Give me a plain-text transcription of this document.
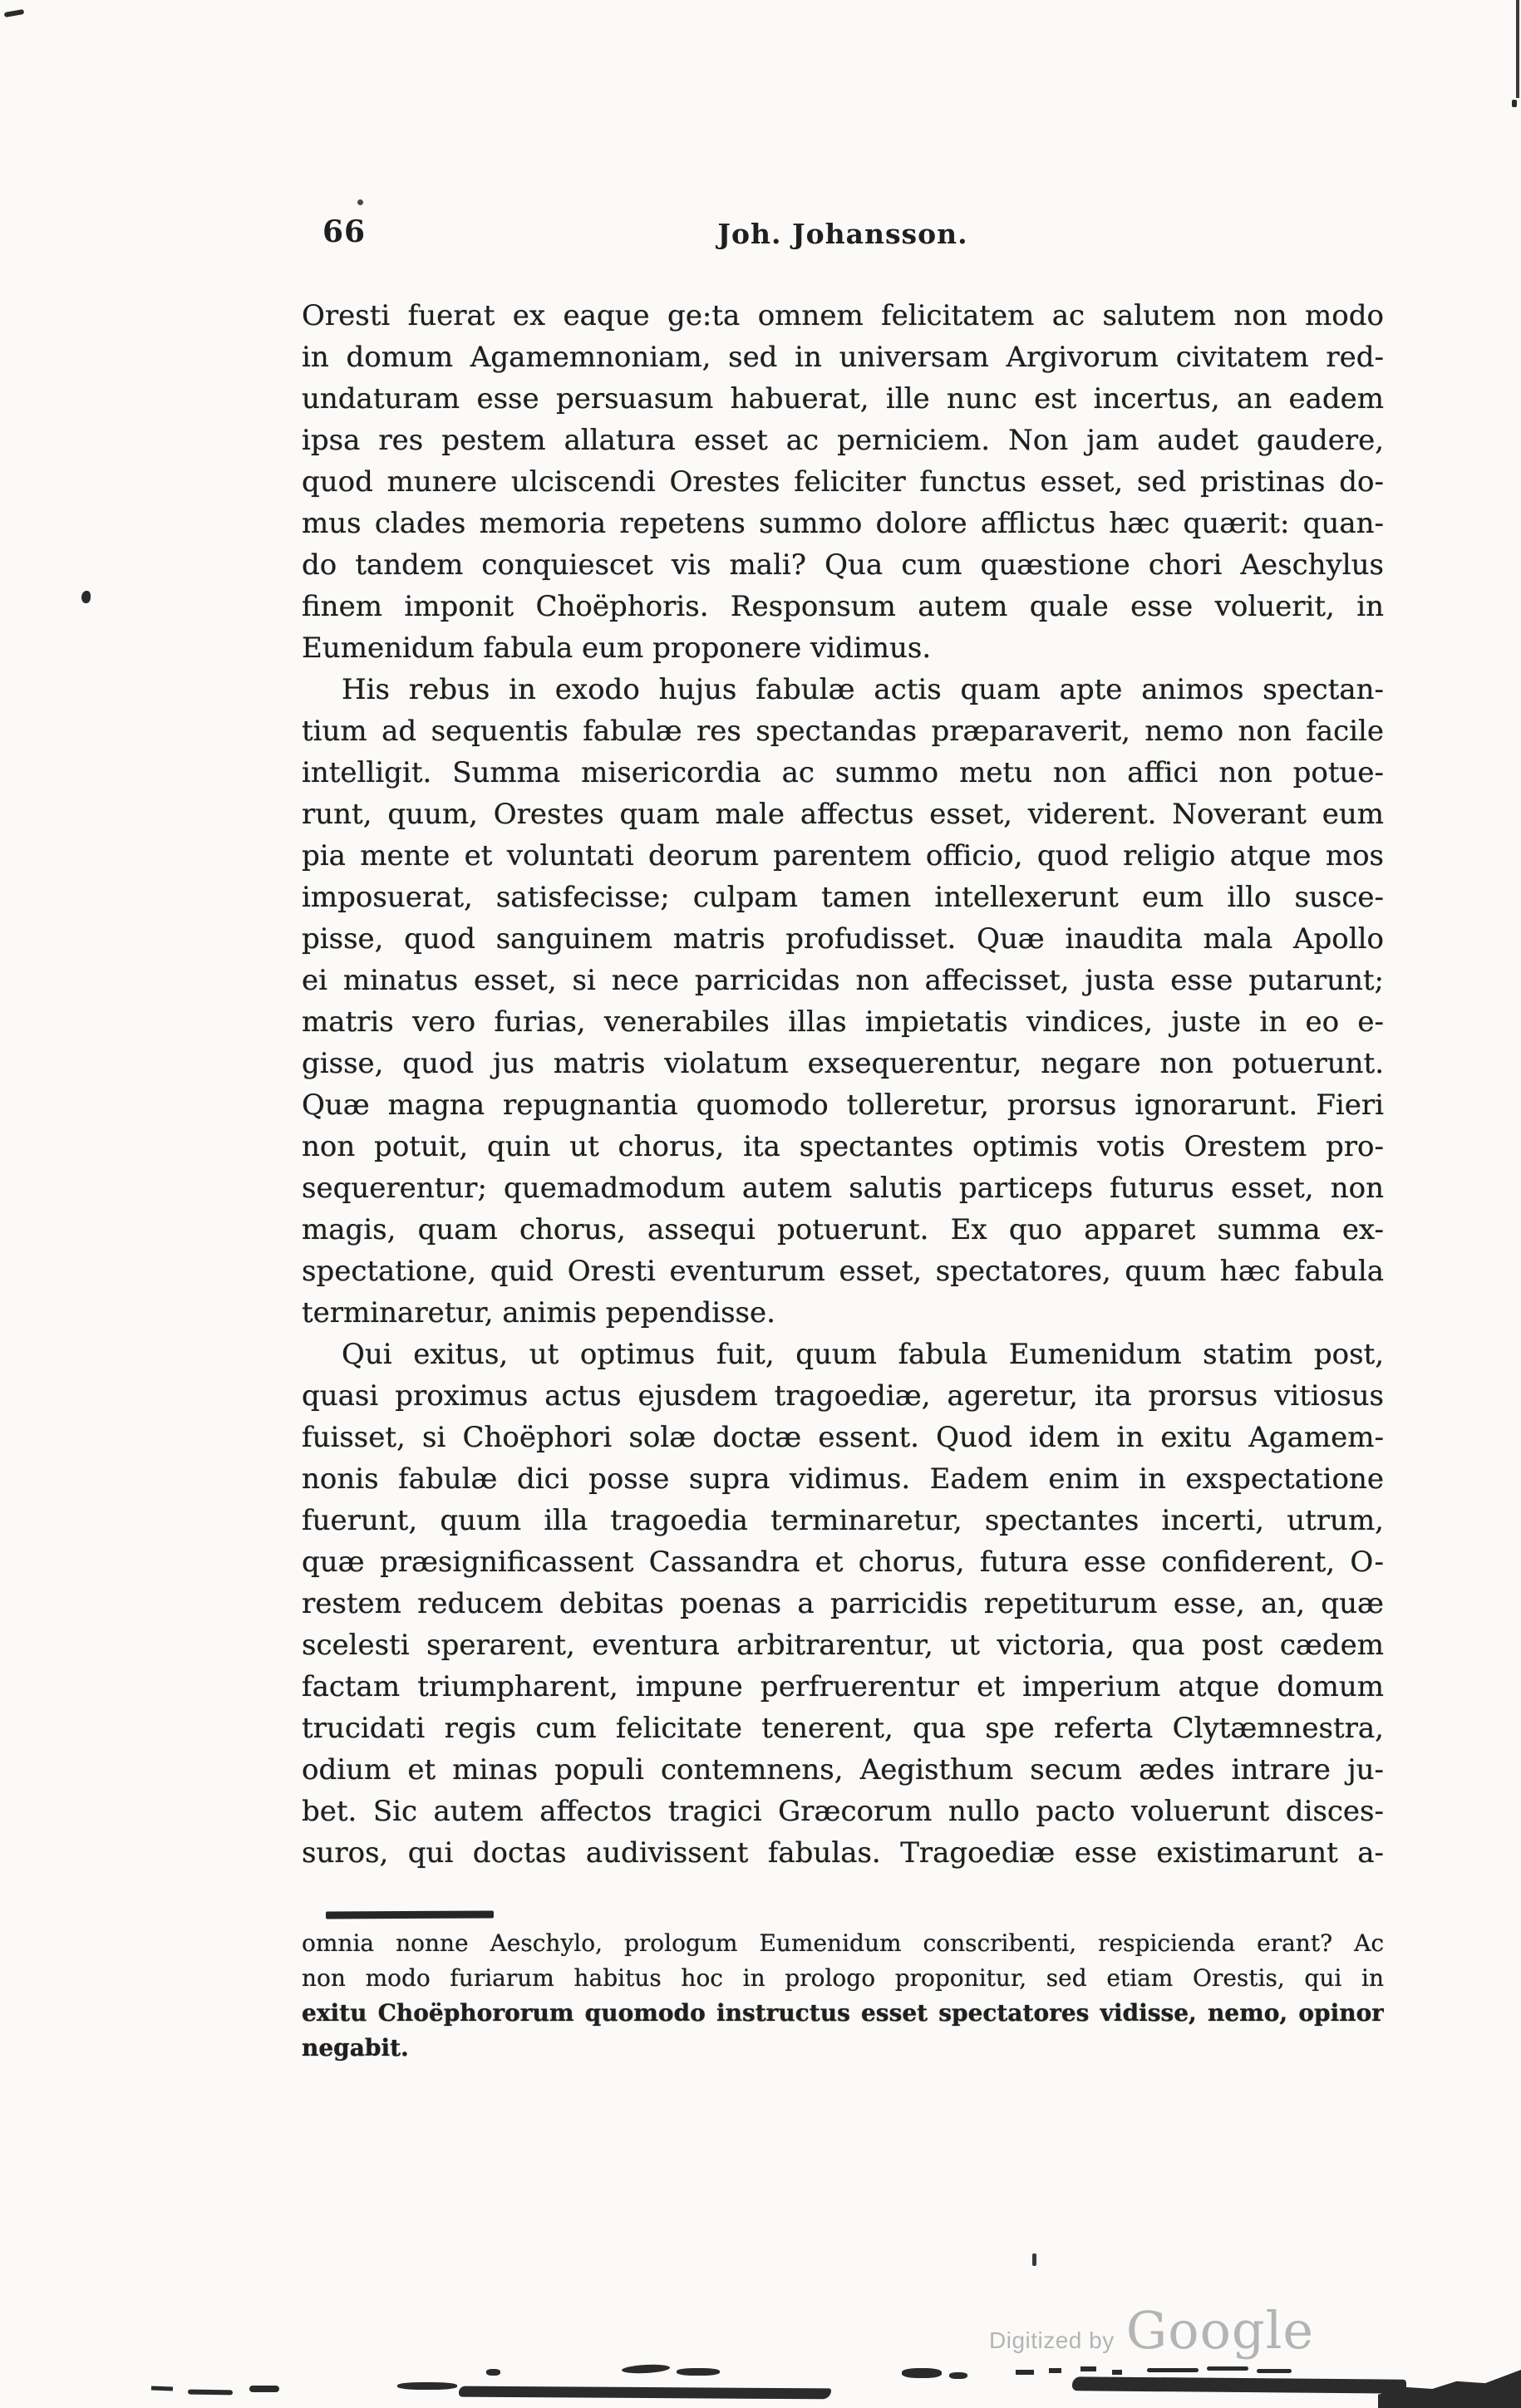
66	Joh. Johansson.
Oresti fuerat ex eaque ge:ta omnem felicitatem ac salutem non modo
in domum Agamemnoniam, sed in universam Argivorum civitatem red-
undaturam esse persuasum habuerat, ille nunc est incertus, an eadem
ipsa res pestem allatura esset ac perniciem. Non jam audet gaudere,
quod munere ulciscendi Orestes feliciter functus esset, sed pristinas do-
mus clades memoria repetens summo dolore afflictus hæc quærit: quan-
do tandem conquiescet vis mali? Qua cum quæstione chori Aeschylus
finem imponit Choëphoris. Responsum autem quale esse voluerit, in
Eumenidum fabula eum proponere vidimus.
His rebus in exodo hujus fabulæ actis quam apte animos spectan-
tium ad sequentis fabulæ res spectandas præparaverit, nemo non facile
intelligit. Summa misericordia ac summo metu non affici non potue-
runt, quum, Orestes quam male affectus esset, viderent. Noverant eum
pia mente et voluntati deorum parentem officio, quod religio atque mos
imposuerat, satisfecisse; culpam tamen intellexerunt eum illo susce-
pisse, quod sanguinem matris profudisset. Quæ inaudita mala Apollo
ei minatus esset, si nece parricidas non affecisset, justa esse putarunt;
matris vero furias, venerabiles illas impietatis vindices, juste in eo e-
gisse, quod jus matris violatum exsequerentur, negare non potuerunt.
Quæ magna repugnantia quomodo tolleretur, prorsus ignorarunt. Fieri
non potuit, quin ut chorus, ita spectantes optimis votis Orestem pro-
sequerentur; quemadmodum autem salutis particeps futurus esset, non
magis, quam chorus, assequi potuerunt. Ex quo apparet summa ex-
spectatione, quid Oresti eventurum esset, spectatores, quum hæc fabula
terminaretur, animis pependisse.
Qui exitus, ut optimus fuit, quum fabula Eumenidum statim post,
quasi proximus actus ejusdem tragoediæ, ageretur, ita prorsus vitiosus
fuisset, si Choëphori solæ doctæ essent. Quod idem in exitu Agamem-
nonis fabulæ dici posse supra vidimus. Eadem enim in exspectatione
fuerunt, quum illa tragoedia terminaretur, spectantes incerti, utrum,
quæ præsignificassent Cassandra et chorus, futura esse confiderent, O-
restem reducem debitas poenas a parricidis repetiturum esse, an, quæ
scelesti sperarent, eventura arbitrarentur, ut victoria, qua post cædem
factam triumpharent, impune perfruerentur et imperium atque domum
trucidati regis cum felicitate tenerent, qua spe referta Clytæmnestra,
odium et minas populi contemnens, Aegisthum secum ædes intrare ju-
bet. Sic autem affectos tragici Græcorum nullo pacto voluerunt disces-
suros, qui doctas audivissent fabulas. Tragoediæ esse existimarunt a-
omnia nonne Aeschylo, prologum Eumenidum conscribenti, respicienda erant? Ac
non modo furiarum habitus hoc in prologo proponitur, sed etiam Orestis, qui in
exitu Choëphororum quomodo instructus esset spectatores vidisse, nemo, opinor
negabit.
Digitized by Google
